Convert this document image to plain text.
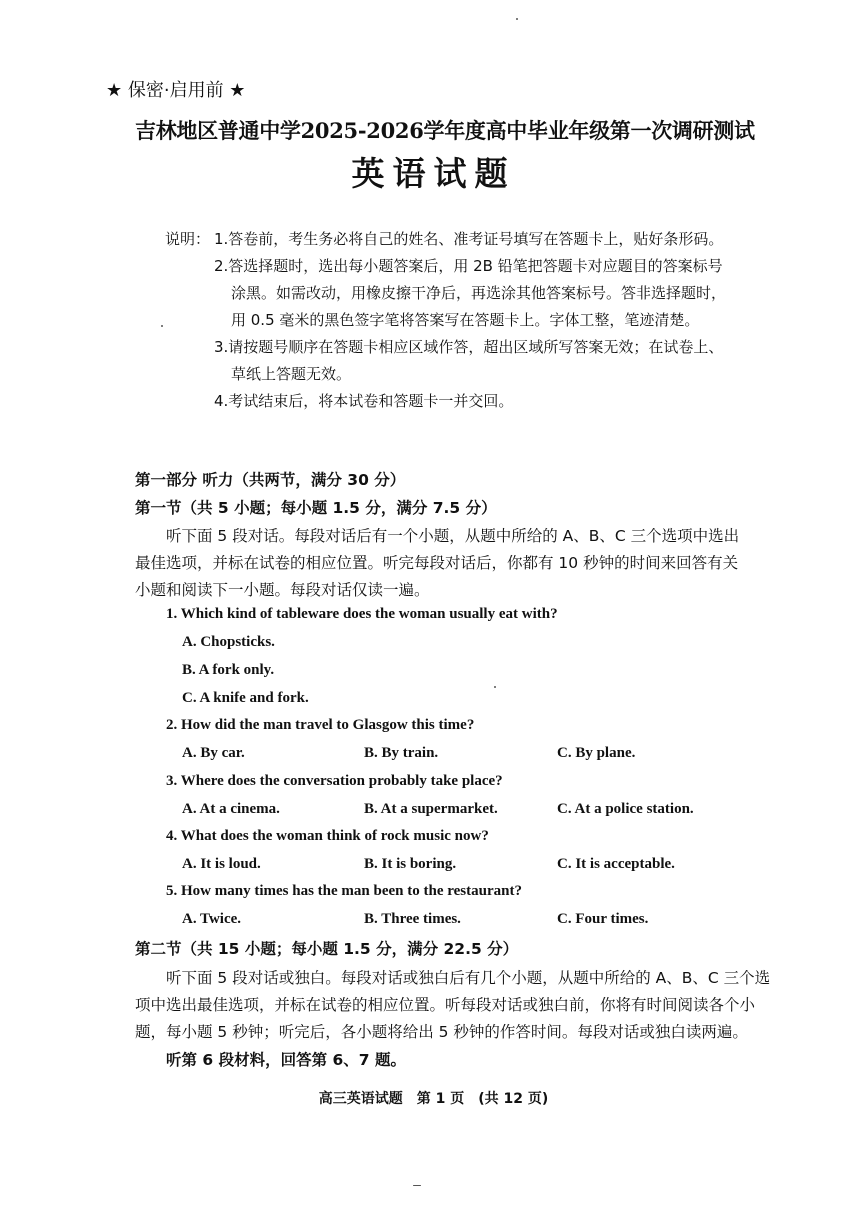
★ 保密·启用前 ★
吉林地区普通中学2025-2026学年度高中毕业年级第一次调研测试
英语试题
说明： 1.答卷前，考生务必将自己的姓名、准考证号填写在答题卡上，贴好条形码。
2.答选择题时，选出每小题答案后，用 2B 铅笔把答题卡对应题目的答案标号
涂黑。如需改动，用橡皮擦干净后，再选涂其他答案标号。答非选择题时，
用 0.5 毫米的黑色签字笔将答案写在答题卡上。字体工整，笔迹清楚。
3.请按题号顺序在答题卡相应区域作答，超出区域所写答案无效；在试卷上、
草纸上答题无效。
4.考试结束后，将本试卷和答题卡一并交回。
第一部分 听力（共两节，满分 30 分）
第一节（共 5 小题；每小题 1.5 分，满分 7.5 分）
听下面 5 段对话。每段对话后有一个小题，从题中所给的 A、B、C 三个选项中选出
最佳选项，并标在试卷的相应位置。听完每段对话后，你都有 10 秒钟的时间来回答有关
小题和阅读下一小题。每段对话仅读一遍。
1. Which kind of tableware does the woman usually eat with?
A. Chopsticks.
B. A fork only.
C. A knife and fork.
2. How did the man travel to Glasgow this time?
A. By car.	B. By train.	C. By plane.
3. Where does the conversation probably take place?
A. At a cinema.	B. At a supermarket.	C. At a police station.
4. What does the woman think of rock music now?
A. It is loud.	B. It is boring.	C. It is acceptable.
5. How many times has the man been to the restaurant?
A. Twice.	B. Three times.	C. Four times.
第二节（共 15 小题；每小题 1.5 分，满分 22.5 分）
听下面 5 段对话或独白。每段对话或独白后有几个小题，从题中所给的 A、B、C 三个选
项中选出最佳选项，并标在试卷的相应位置。听每段对话或独白前，你将有时间阅读各个小
题，每小题 5 秒钟；听完后，各小题将给出 5 秒钟的作答时间。每段对话或独白读两遍。
听第 6 段材料，回答第 6、7 题。
高三英语试题　第 1 页　(共 12 页)
